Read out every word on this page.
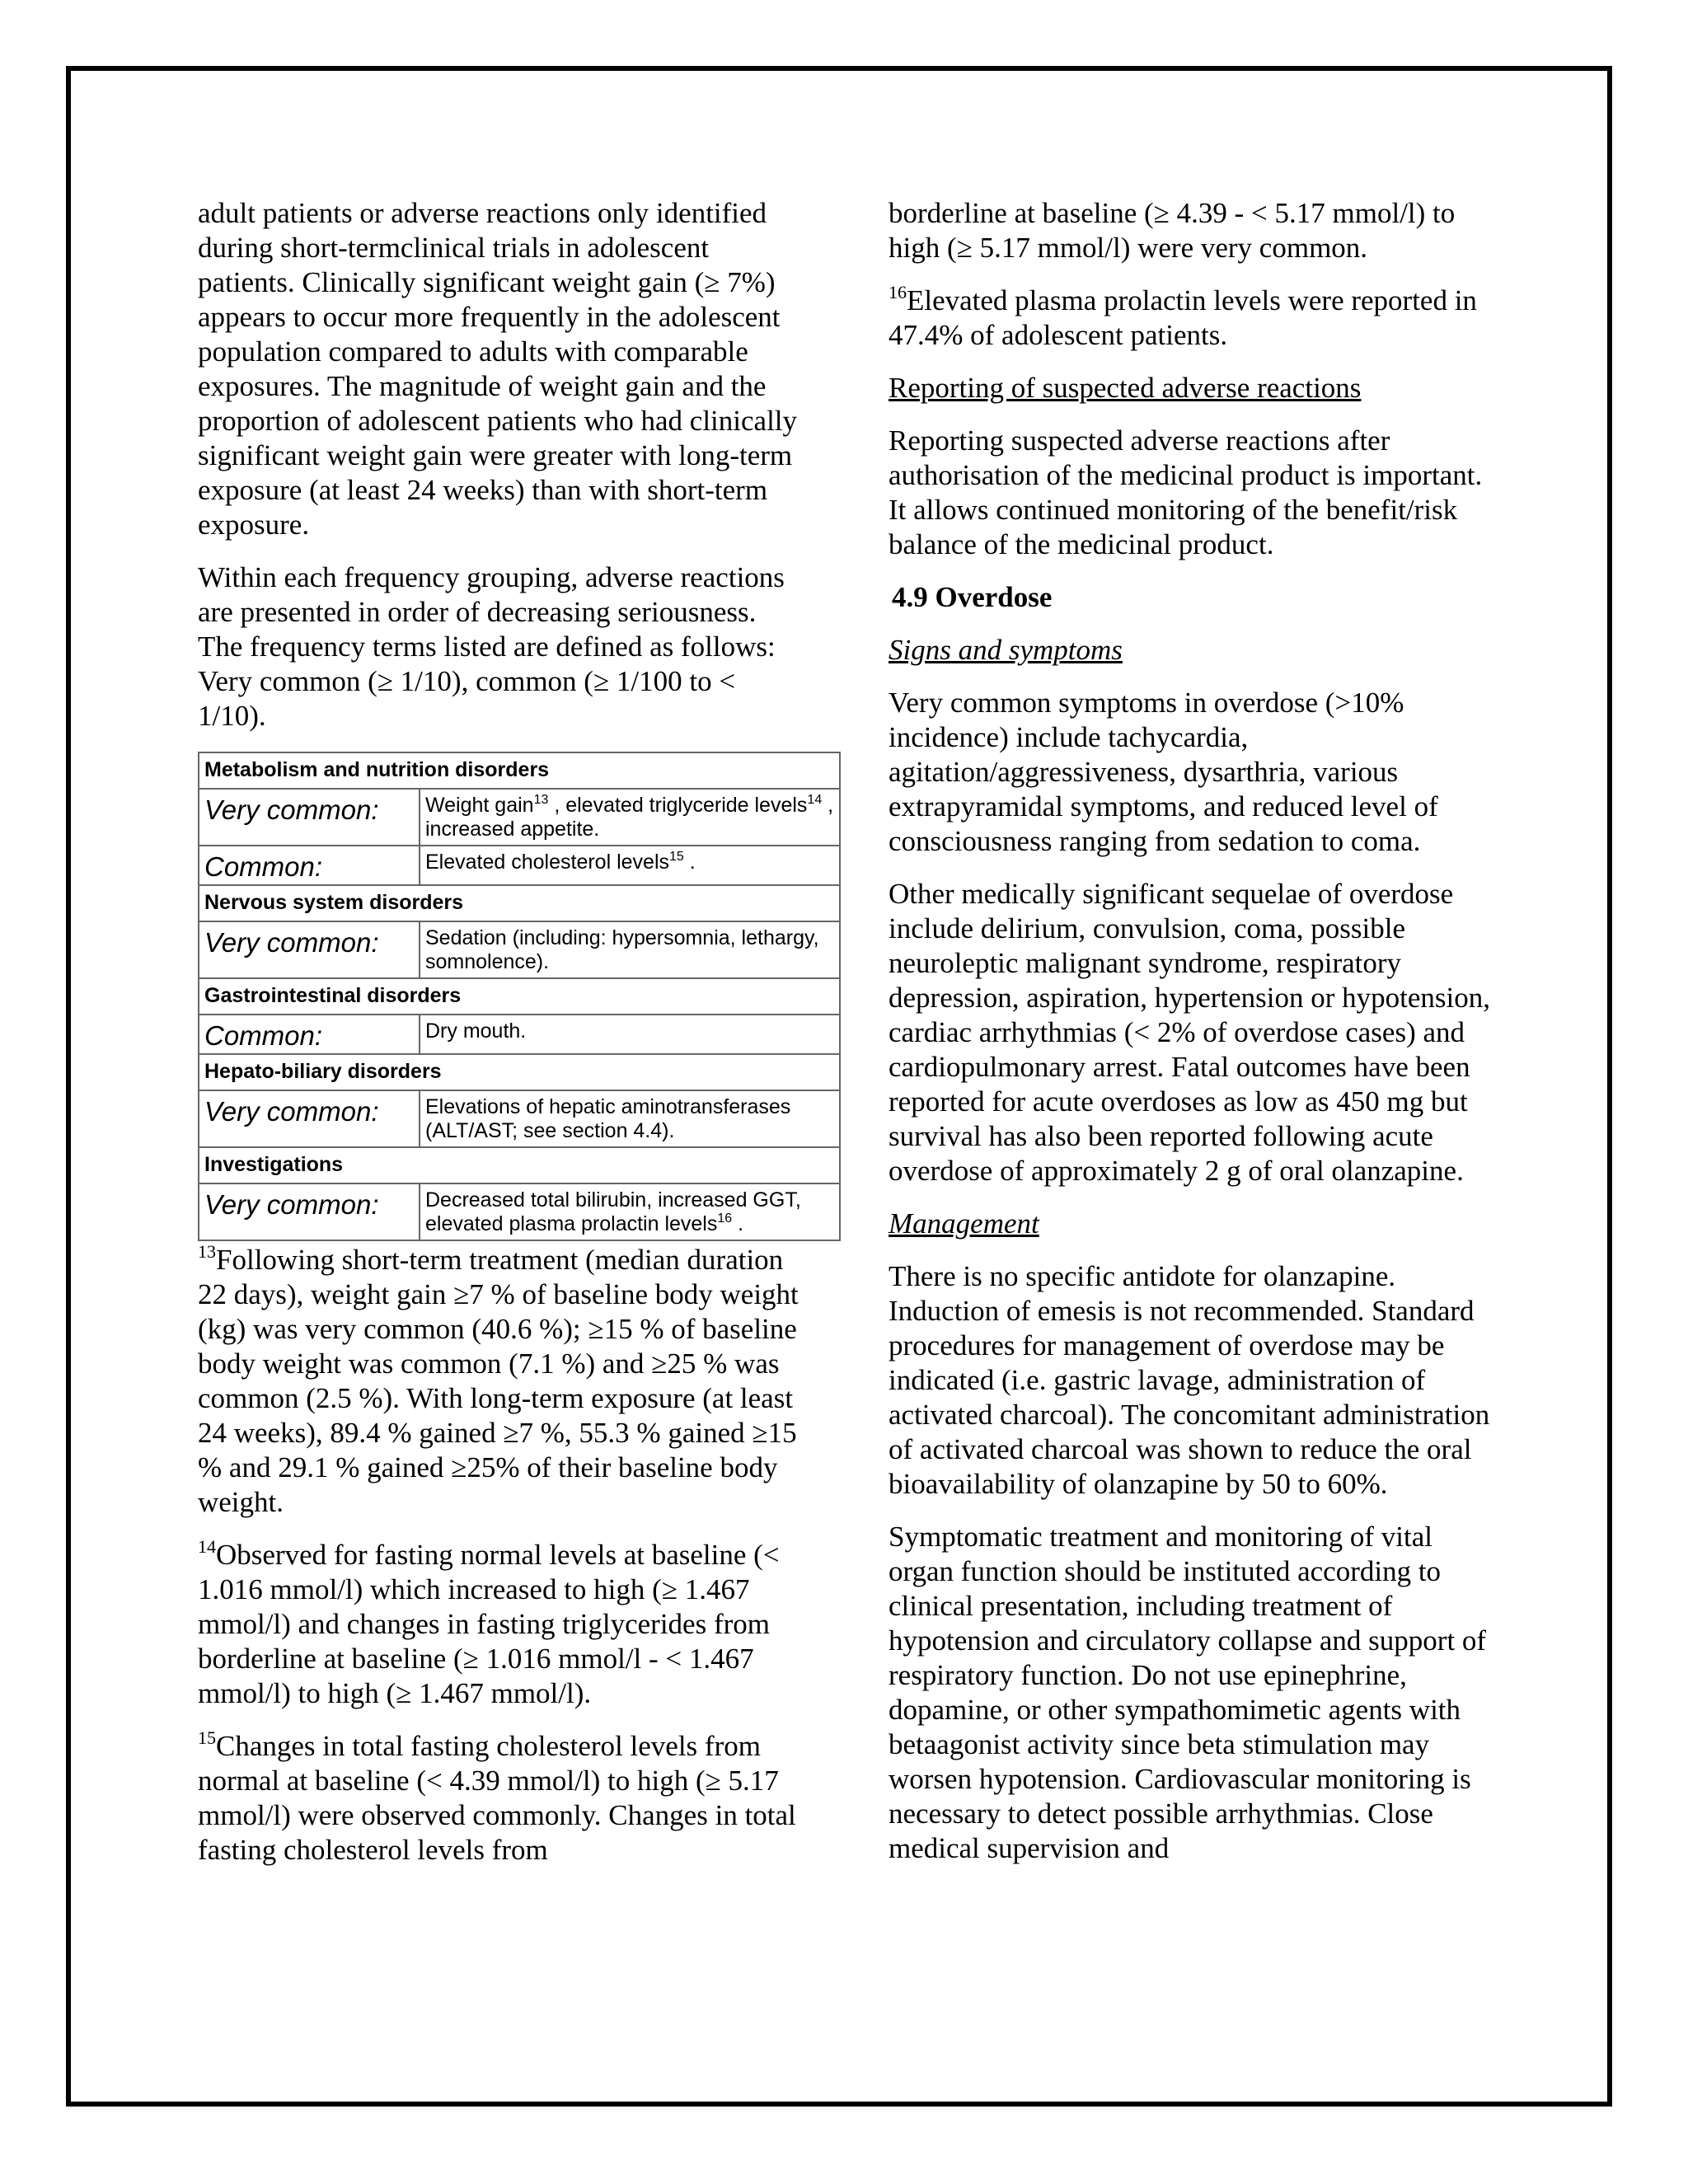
adult patients or adverse reactions only identified during short-termclinical trials in adolescent patients. Clinically significant weight gain (≥ 7%) appears to occur more frequently in the adolescent population compared to adults with comparable exposures. The magnitude of weight gain and the proportion of adolescent patients who had clinically significant weight gain were greater with long-term exposure (at least 24 weeks) than with short-term exposure.

Within each frequency grouping, adverse reactions are presented in order of decreasing seriousness. The frequency terms listed are defined as follows: Very common (≥ 1/10), common (≥ 1/100 to < 1/10).

Metabolism and nutrition disorders	
Very common:	Weight gain$^{13}$ , elevated triglyceride levels$^{14}$ , increased appetite.
Common:	Elevated cholesterol levels$^{15}$ .
Nervous system disorders	
Very common:	Sedation (including: hypersomnia, lethargy, somnolence).
Gastrointestinal disorders	
Common:	Dry mouth.
Hepato-biliary disorders	
Very common:	Elevations of hepatic aminotransferases (ALT/AST; see section 4.4).
Investigations	
Very common:	Decreased total bilirubin, increased GGT, elevated plasma prolactin levels$^{16}$ .

$^{13}$Following short-term treatment (median duration 22 days), weight gain ≥7 % of baseline body weight (kg) was very common (40.6 %); ≥15 % of baseline body weight was common (7.1 %) and ≥25 % was common (2.5 %). With long-term exposure (at least 24 weeks), 89.4 % gained ≥7 %, 55.3 % gained ≥15 % and 29.1 % gained ≥25% of their baseline body weight.

$^{14}$Observed for fasting normal levels at baseline (< 1.016 mmol/l) which increased to high (≥ 1.467 mmol/l) and changes in fasting triglycerides from borderline at baseline (≥ 1.016 mmol/l - < 1.467 mmol/l) to high (≥ 1.467 mmol/l).

$^{15}$Changes in total fasting cholesterol levels from normal at baseline (< 4.39 mmol/l) to high (≥ 5.17 mmol/l) were observed commonly. Changes in total fasting cholesterol levels from

borderline at baseline (≥ 4.39 - < 5.17 mmol/l) to high (≥ 5.17 mmol/l) were very common.

$^{16}$Elevated plasma prolactin levels were reported in 47.4% of adolescent patients.

Reporting of suspected adverse reactions

Reporting suspected adverse reactions after authorisation of the medicinal product is important. It allows continued monitoring of the benefit/risk balance of the medicinal product.

4.9 Overdose

Signs and symptoms

Very common symptoms in overdose (>10% incidence) include tachycardia, agitation/aggressiveness, dysarthria, various extrapyramidal symptoms, and reduced level of consciousness ranging from sedation to coma.

Other medically significant sequelae of overdose include delirium, convulsion, coma, possible neuroleptic malignant syndrome, respiratory depression, aspiration, hypertension or hypotension, cardiac arrhythmias (< 2% of overdose cases) and cardiopulmonary arrest. Fatal outcomes have been reported for acute overdoses as low as 450 mg but survival has also been reported following acute overdose of approximately 2 g of oral olanzapine.

Management

There is no specific antidote for olanzapine. Induction of emesis is not recommended. Standard procedures for management of overdose may be indicated (i.e. gastric lavage, administration of activated charcoal). The concomitant administration of activated charcoal was shown to reduce the oral bioavailability of olanzapine by 50 to 60%.

Symptomatic treatment and monitoring of vital organ function should be instituted according to clinical presentation, including treatment of hypotension and circulatory collapse and support of respiratory function. Do not use epinephrine, dopamine, or other sympathomimetic agents with betaagonist activity since beta stimulation may worsen hypotension. Cardiovascular monitoring is necessary to detect possible arrhythmias. Close medical supervision and
